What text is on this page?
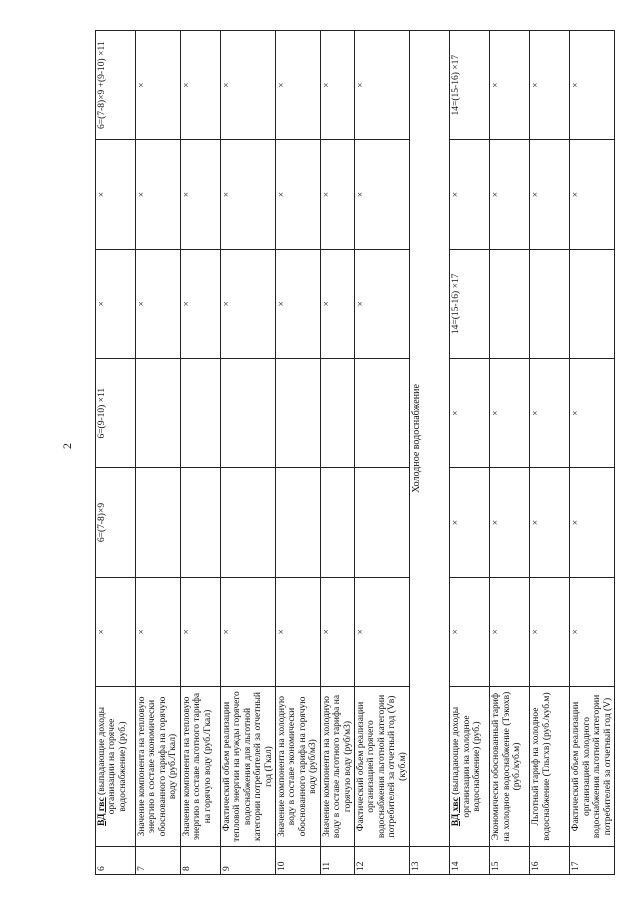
2
6	ВД гвс (выпадающие доходы организации на горячее водоснабжение) (руб.)	×	6=(7-8)×9	6=(9-10) ×11	×	×	6=(7-8)×9 +(9-10) ×11
7	Значение компонента на тепловую энергию в составе экономически обоснованного тарифа на горячую воду (руб./Гкал)	×			×	×	×
8	Значение компонента на тепловую энергию в составе льготного тарифа на горячую воду (руб./Гкал)	×			×	×	×
9	Фактический объем реализации тепловой энергии на нужды горячего водоснабжения для льготной категории потребителей за отчетный год (Гкал)	×			×	×	×
10	Значение компонента на холодную воду в составе экономически обоснованного тарифа на горячую воду (руб/м3)	×			×	×	×
11	Значение компонента на холодную воду в составе льготного тарифа на горячую воду (руб/м3)	×			×	×	×
12	Фактический объем реализации организацией горячего водоснабжения льготной категории потребителей за отчетный год (Vв) (куб.м)	×			×	×	×
13	Холодное водоснабжение						
14	ВД хвс (выпадающие доходы организации на холодное водоснабжение) (руб.)	×	×	×	14=(15-16) ×17	×	14=(15-16) ×17
15	Экономически обоснованный тариф на холодное водоснабжение (Тэкохв) (руб./куб.м)	×	×	×		×	×
16	Льготный тариф на холодное водоснабжение (Тльгхв) (руб./куб.м)	×	×	×		×	×
17	Фактический объем реализации организацией холодного водоснабжения льготной категории потребителей за отчетный год (V)	×	×	×		×	×
